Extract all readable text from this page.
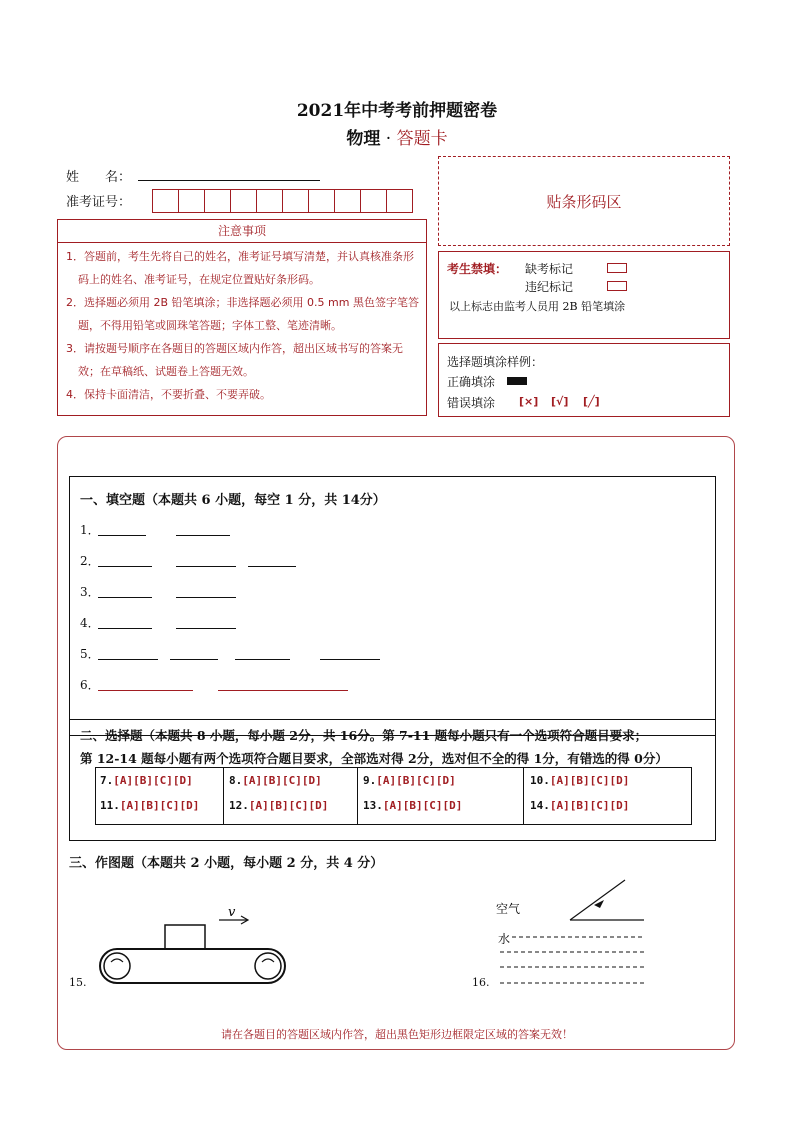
2021年中考考前押题密卷
物理 · 答题卡
姓　　名：
准考证号：	贴条形码区
注意事项

1．答题前，考生先将自己的姓名，准考证号填写清楚，并认真核准条形码上的姓名、准考证号，在规定位置贴好条形码。

2．选择题必须用 2B 铅笔填涂；非选择题必须用 0.5 mm 黑色签字笔答题，不得用铅笔或圆珠笔答题；字体工整、笔迹清晰。

3．请按题号顺序在各题目的答题区域内作答，超出区域书写的答案无效；在草稿纸、试题卷上答题无效。

4．保持卡面清洁，不要折叠、不要弄破。

考生禁填： 缺考标记
违纪标记
以上标志由监考人员用 2B 铅笔填涂
选择题填涂样例：
正确填涂
错误填涂 [×] [√] [╱]
一、填空题（本题共 6 小题，每空 1 分，共 14分）
1．
2．
3．
4．
5．
6．
二、选择题（本题共 8 小题，每小题 2分，共 16分。第 7-11 题每小题只有一个选项符合题目要求；
第 12-14 题每小题有两个选项符合题目要求，全部选对得 2分，选对但不全的得 1分，有错选的得 0分）
7.[A][B][C][D]	8.[A][B][C][D]	9.[A][B][C][D]	10.[A][B][C][D]
11.[A][B][C][D]	12.[A][B][C][D]	13.[A][B][C][D]	14.[A][B][C][D]
三、作图题（本题共 2 小题，每小题 2 分，共 4 分）
15.
v
16.
空气
水
请在各题目的答题区域内作答，超出黑色矩形边框限定区域的答案无效！
